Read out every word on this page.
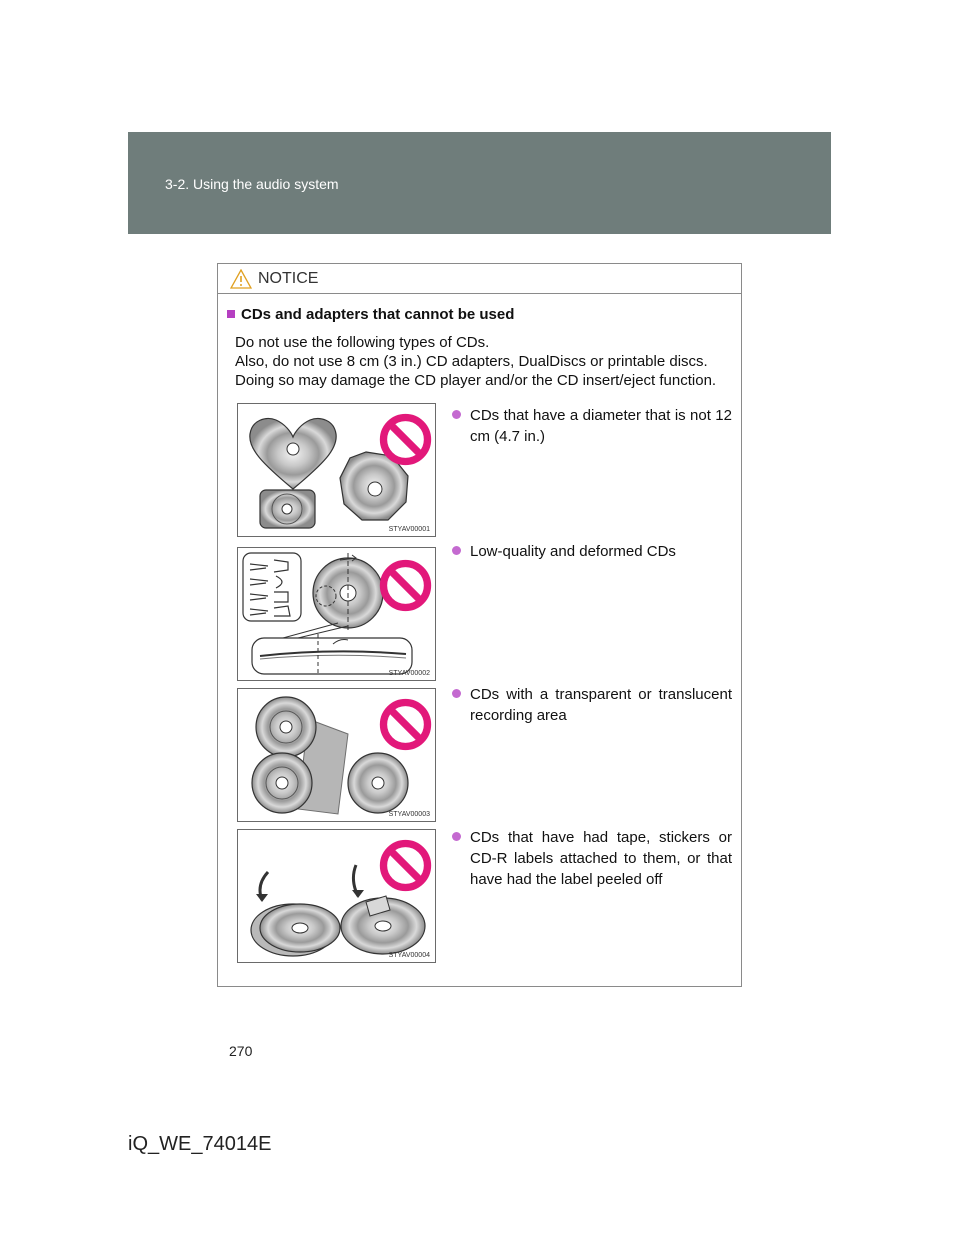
3-2. Using the audio system
NOTICE
CDs and adapters that cannot be used
Do not use the following types of CDs.
Also, do not use 8 cm (3 in.) CD adapters, DualDiscs or printable discs.
Doing so may damage the CD player and/or the CD insert/eject function.
STYAV00001
CDs that have a diameter that is not 12 cm (4.7 in.)
STYAV00002
Low-quality and deformed CDs
STYAV00003
CDs with a transparent or translucent recording area
STYAV00004
CDs that have had tape, stickers or CD-R labels attached to them, or that have had the label peeled off
270
iQ_WE_74014E
